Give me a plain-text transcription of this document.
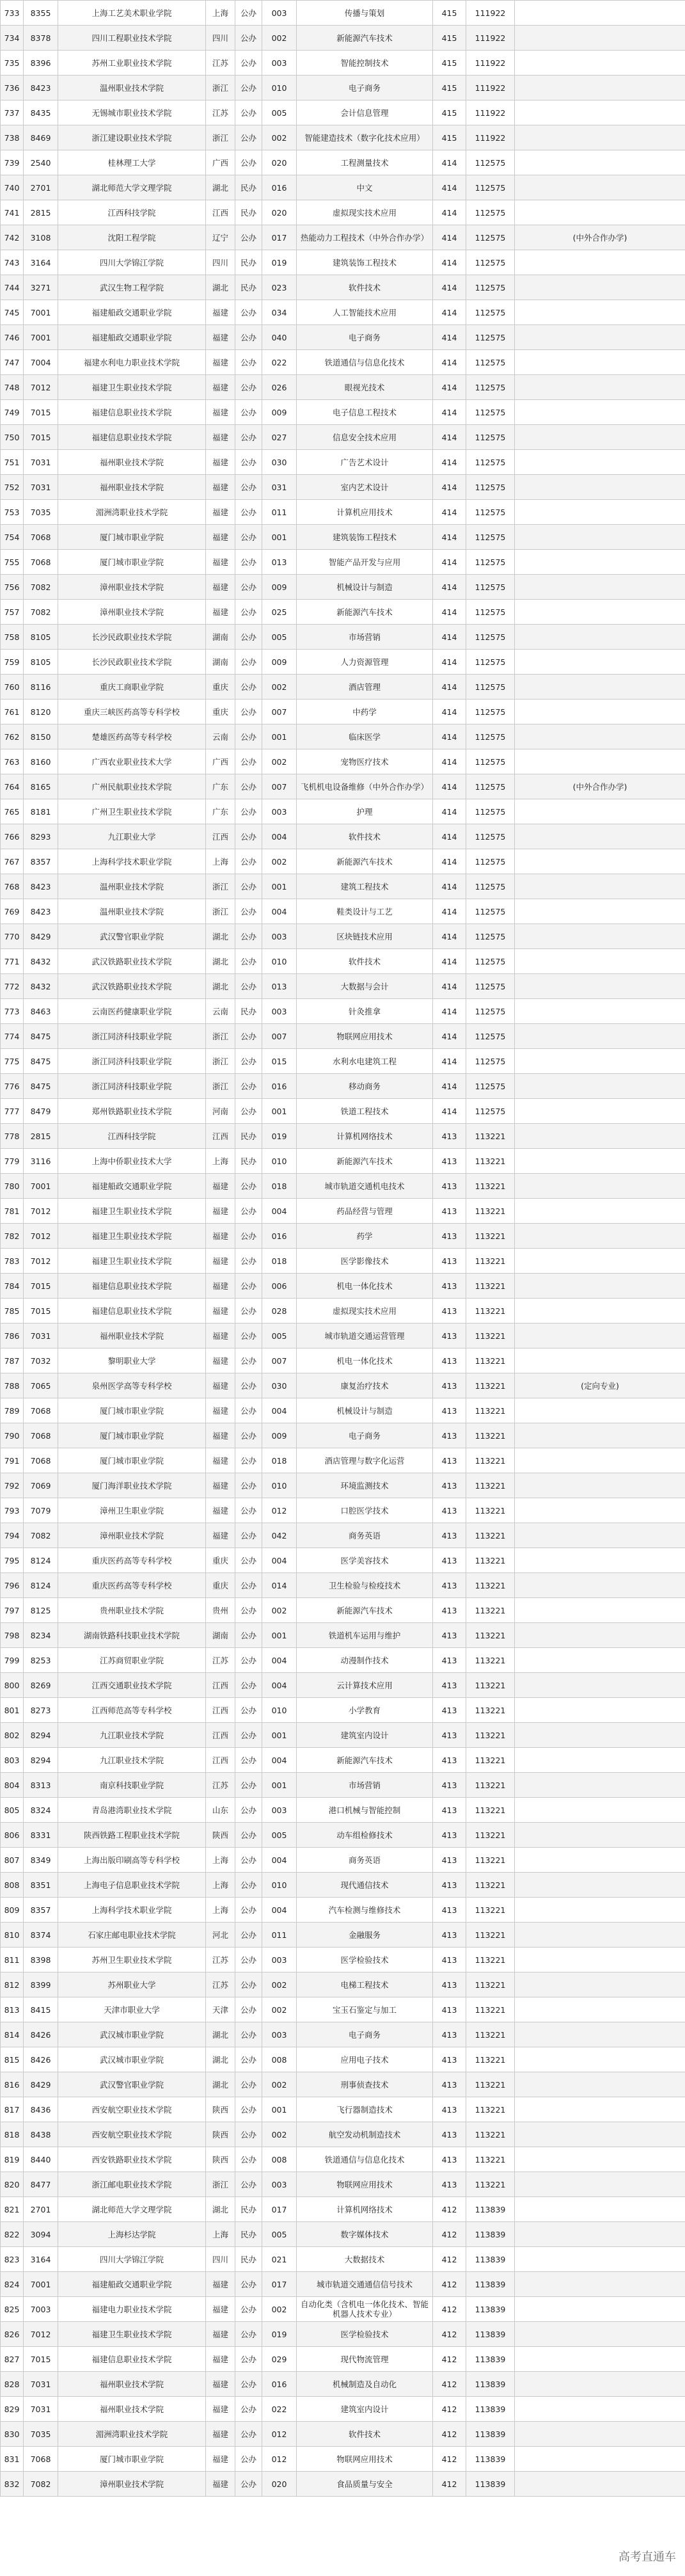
733	8355	上海工艺美术职业学院	上海	公办	003	传播与策划	415	111922	
734	8378	四川工程职业技术学院	四川	公办	002	新能源汽车技术	415	111922	
735	8396	苏州工业职业技术学院	江苏	公办	003	智能控制技术	415	111922	
736	8423	温州职业技术学院	浙江	公办	010	电子商务	415	111922	
737	8435	无锡城市职业技术学院	江苏	公办	005	会计信息管理	415	111922	
738	8469	浙江建设职业技术学院	浙江	公办	002	智能建造技术（数字化技术应用）	415	111922	
739	2540	桂林理工大学	广西	公办	020	工程测量技术	414	112575	
740	2701	湖北师范大学文理学院	湖北	民办	016	中文	414	112575	
741	2815	江西科技学院	江西	民办	020	虚拟现实技术应用	414	112575	
742	3108	沈阳工程学院	辽宁	公办	017	热能动力工程技术（中外合作办学）	414	112575	(中外合作办学)
743	3164	四川大学锦江学院	四川	民办	019	建筑装饰工程技术	414	112575	
744	3271	武汉生物工程学院	湖北	民办	023	软件技术	414	112575	
745	7001	福建船政交通职业学院	福建	公办	034	人工智能技术应用	414	112575	
746	7001	福建船政交通职业学院	福建	公办	040	电子商务	414	112575	
747	7004	福建水利电力职业技术学院	福建	公办	022	铁道通信与信息化技术	414	112575	
748	7012	福建卫生职业技术学院	福建	公办	026	眼视光技术	414	112575	
749	7015	福建信息职业技术学院	福建	公办	009	电子信息工程技术	414	112575	
750	7015	福建信息职业技术学院	福建	公办	027	信息安全技术应用	414	112575	
751	7031	福州职业技术学院	福建	公办	030	广告艺术设计	414	112575	
752	7031	福州职业技术学院	福建	公办	031	室内艺术设计	414	112575	
753	7035	湄洲湾职业技术学院	福建	公办	011	计算机应用技术	414	112575	
754	7068	厦门城市职业学院	福建	公办	001	建筑装饰工程技术	414	112575	
755	7068	厦门城市职业学院	福建	公办	013	智能产品开发与应用	414	112575	
756	7082	漳州职业技术学院	福建	公办	009	机械设计与制造	414	112575	
757	7082	漳州职业技术学院	福建	公办	025	新能源汽车技术	414	112575	
758	8105	长沙民政职业技术学院	湖南	公办	005	市场营销	414	112575	
759	8105	长沙民政职业技术学院	湖南	公办	009	人力资源管理	414	112575	
760	8116	重庆工商职业学院	重庆	公办	002	酒店管理	414	112575	
761	8120	重庆三峡医药高等专科学校	重庆	公办	007	中药学	414	112575	
762	8150	楚雄医药高等专科学校	云南	公办	001	临床医学	414	112575	
763	8160	广西农业职业技术大学	广西	公办	002	宠物医疗技术	414	112575	
764	8165	广州民航职业技术学院	广东	公办	007	飞机机电设备维修（中外合作办学）	414	112575	(中外合作办学)
765	8181	广州卫生职业技术学院	广东	公办	003	护理	414	112575	
766	8293	九江职业大学	江西	公办	004	软件技术	414	112575	
767	8357	上海科学技术职业学院	上海	公办	002	新能源汽车技术	414	112575	
768	8423	温州职业技术学院	浙江	公办	001	建筑工程技术	414	112575	
769	8423	温州职业技术学院	浙江	公办	004	鞋类设计与工艺	414	112575	
770	8429	武汉警官职业学院	湖北	公办	003	区块链技术应用	414	112575	
771	8432	武汉铁路职业技术学院	湖北	公办	010	软件技术	414	112575	
772	8432	武汉铁路职业技术学院	湖北	公办	013	大数据与会计	414	112575	
773	8463	云南医药健康职业学院	云南	民办	003	针灸推拿	414	112575	
774	8475	浙江同济科技职业学院	浙江	公办	007	物联网应用技术	414	112575	
775	8475	浙江同济科技职业学院	浙江	公办	015	水利水电建筑工程	414	112575	
776	8475	浙江同济科技职业学院	浙江	公办	016	移动商务	414	112575	
777	8479	郑州铁路职业技术学院	河南	公办	001	铁道工程技术	414	112575	
778	2815	江西科技学院	江西	民办	019	计算机网络技术	413	113221	
779	3116	上海中侨职业技术大学	上海	民办	010	新能源汽车技术	413	113221	
780	7001	福建船政交通职业学院	福建	公办	018	城市轨道交通机电技术	413	113221	
781	7012	福建卫生职业技术学院	福建	公办	004	药品经营与管理	413	113221	
782	7012	福建卫生职业技术学院	福建	公办	016	药学	413	113221	
783	7012	福建卫生职业技术学院	福建	公办	018	医学影像技术	413	113221	
784	7015	福建信息职业技术学院	福建	公办	006	机电一体化技术	413	113221	
785	7015	福建信息职业技术学院	福建	公办	028	虚拟现实技术应用	413	113221	
786	7031	福州职业技术学院	福建	公办	005	城市轨道交通运营管理	413	113221	
787	7032	黎明职业大学	福建	公办	007	机电一体化技术	413	113221	
788	7065	泉州医学高等专科学校	福建	公办	030	康复治疗技术	413	113221	(定向专业)
789	7068	厦门城市职业学院	福建	公办	004	机械设计与制造	413	113221	
790	7068	厦门城市职业学院	福建	公办	009	电子商务	413	113221	
791	7068	厦门城市职业学院	福建	公办	018	酒店管理与数字化运营	413	113221	
792	7069	厦门海洋职业技术学院	福建	公办	010	环境监测技术	413	113221	
793	7079	漳州卫生职业学院	福建	公办	012	口腔医学技术	413	113221	
794	7082	漳州职业技术学院	福建	公办	042	商务英语	413	113221	
795	8124	重庆医药高等专科学校	重庆	公办	004	医学美容技术	413	113221	
796	8124	重庆医药高等专科学校	重庆	公办	014	卫生检验与检疫技术	413	113221	
797	8125	贵州职业技术学院	贵州	公办	002	新能源汽车技术	413	113221	
798	8234	湖南铁路科技职业技术学院	湖南	公办	001	铁道机车运用与维护	413	113221	
799	8253	江苏商贸职业学院	江苏	公办	004	动漫制作技术	413	113221	
800	8269	江西交通职业技术学院	江西	公办	004	云计算技术应用	413	113221	
801	8273	江西师范高等专科学校	江西	公办	010	小学教育	413	113221	
802	8294	九江职业技术学院	江西	公办	001	建筑室内设计	413	113221	
803	8294	九江职业技术学院	江西	公办	004	新能源汽车技术	413	113221	
804	8313	南京科技职业学院	江苏	公办	001	市场营销	413	113221	
805	8324	青岛港湾职业技术学院	山东	公办	003	港口机械与智能控制	413	113221	
806	8331	陕西铁路工程职业技术学院	陕西	公办	005	动车组检修技术	413	113221	
807	8349	上海出版印刷高等专科学校	上海	公办	004	商务英语	413	113221	
808	8351	上海电子信息职业技术学院	上海	公办	010	现代通信技术	413	113221	
809	8357	上海科学技术职业学院	上海	公办	004	汽车检测与维修技术	413	113221	
810	8374	石家庄邮电职业技术学院	河北	公办	011	金融服务	413	113221	
811	8398	苏州卫生职业技术学院	江苏	公办	003	医学检验技术	413	113221	
812	8399	苏州职业大学	江苏	公办	002	电梯工程技术	413	113221	
813	8415	天津市职业大学	天津	公办	002	宝玉石鉴定与加工	413	113221	
814	8426	武汉城市职业学院	湖北	公办	003	电子商务	413	113221	
815	8426	武汉城市职业学院	湖北	公办	008	应用电子技术	413	113221	
816	8429	武汉警官职业学院	湖北	公办	002	刑事侦查技术	413	113221	
817	8436	西安航空职业技术学院	陕西	公办	001	飞行器制造技术	413	113221	
818	8438	西安航空职业技术学院	陕西	公办	002	航空发动机制造技术	413	113221	
819	8440	西安铁路职业技术学院	陕西	公办	008	铁道通信与信息化技术	413	113221	
820	8477	浙江邮电职业技术学院	浙江	公办	003	物联网应用技术	413	113221	
821	2701	湖北师范大学文理学院	湖北	民办	017	计算机网络技术	412	113839	
822	3094	上海杉达学院	上海	民办	005	数字媒体技术	412	113839	
823	3164	四川大学锦江学院	四川	民办	021	大数据技术	412	113839	
824	7001	福建船政交通职业学院	福建	公办	017	城市轨道交通通信信号技术	412	113839	
825	7003	福建电力职业技术学院	福建	公办	002	自动化类（含机电一体化技术、智能机器人技术专业）	412	113839	
826	7012	福建卫生职业技术学院	福建	公办	019	医学检验技术	412	113839	
827	7015	福建信息职业技术学院	福建	公办	029	现代物流管理	412	113839	
828	7031	福州职业技术学院	福建	公办	016	机械制造及自动化	412	113839	
829	7031	福州职业技术学院	福建	公办	022	建筑室内设计	412	113839	
830	7035	湄洲湾职业技术学院	福建	公办	012	软件技术	412	113839	
831	7068	厦门城市职业学院	福建	公办	012	物联网应用技术	412	113839	
832	7082	漳州职业技术学院	福建	公办	020	食品质量与安全	412	113839	
高考直通车
